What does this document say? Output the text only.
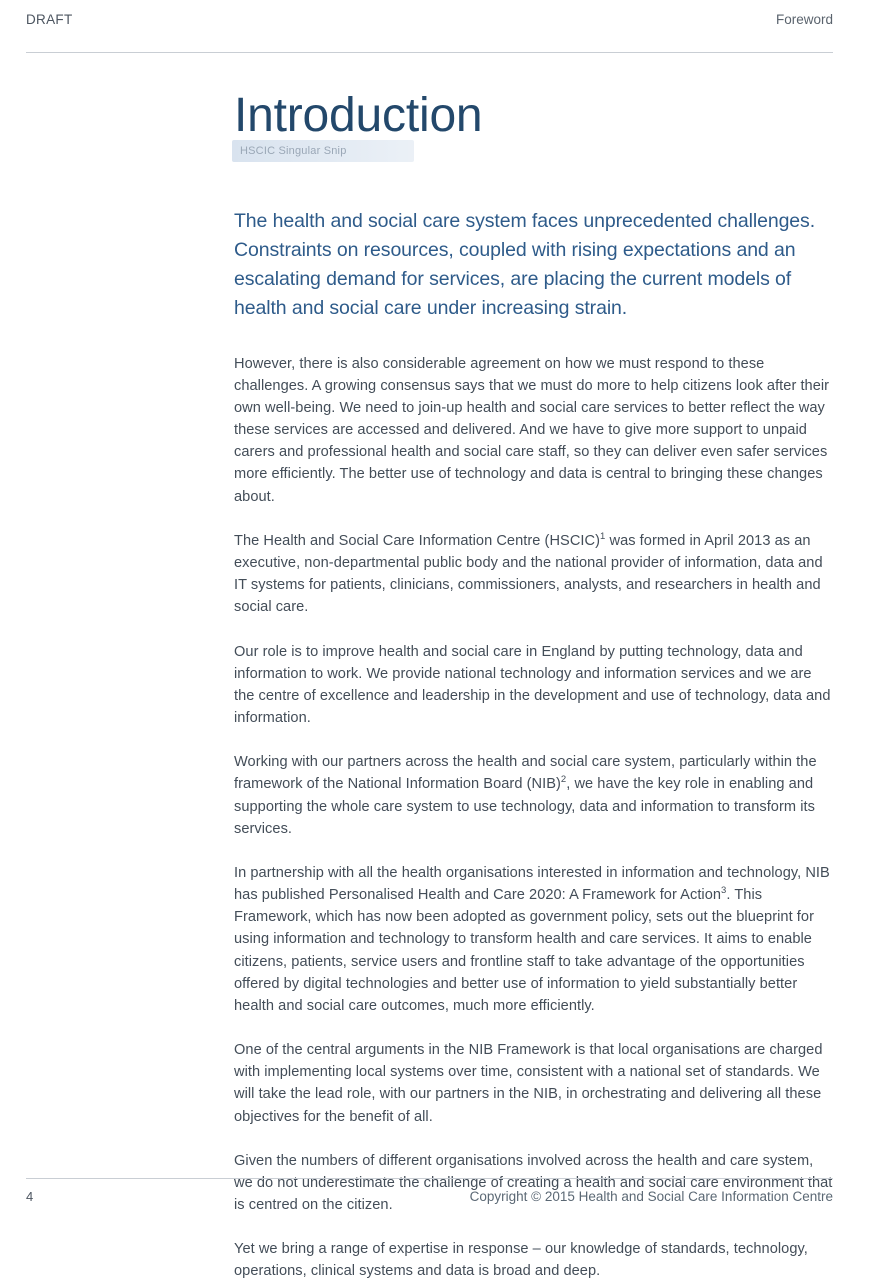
DRAFT	Foreword
HSCIC Singular Snip
Introduction

The health and social care system faces unprecedented challenges. Constraints on resources, coupled with rising expectations and an escalating demand for services, are placing the current models of health and social care under increasing strain.

However, there is also considerable agreement on how we must respond to these challenges. A growing consensus says that we must do more to help citizens look after their own well-being. We need to join-up health and social care services to better reflect the way these services are accessed and delivered. And we have to give more support to unpaid carers and professional health and social care staff, so they can deliver even safer services more efficiently. The better use of technology and data is central to bringing these changes about.

The Health and Social Care Information Centre (HSCIC)$^1$ was formed in April 2013 as an executive, non-departmental public body and the national provider of information, data and IT systems for patients, clinicians, commissioners, analysts, and researchers in health and social care.

Our role is to improve health and social care in England by putting technology, data and information to work. We provide national technology and information services and we are the centre of excellence and leadership in the development and use of technology, data and information.

Working with our partners across the health and social care system, particularly within the framework of the National Information Board (NIB)$^2$, we have the key role in enabling and supporting the whole care system to use technology, data and information to transform its services.

In partnership with all the health organisations interested in information and technology, NIB has published Personalised Health and Care 2020: A Framework for Action$^3$. This Framework, which has now been adopted as government policy, sets out the blueprint for using information and technology to transform health and care services. It aims to enable citizens, patients, service users and frontline staff to take advantage of the opportunities offered by digital technologies and better use of information to yield substantially better health and social care outcomes, much more efficiently.

One of the central arguments in the NIB Framework is that local organisations are charged with implementing local systems over time, consistent with a national set of standards. We will take the lead role, with our partners in the NIB, in orchestrating and delivering all these objectives for the benefit of all.

Given the numbers of different organisations involved across the health and care system, we do not underestimate the challenge of creating a health and social care environment that is centred on the citizen.

Yet we bring a range of expertise in response – our knowledge of standards, technology, operations, clinical systems and data is broad and deep.

4	Copyright © 2015 Health and Social Care Information Centre
